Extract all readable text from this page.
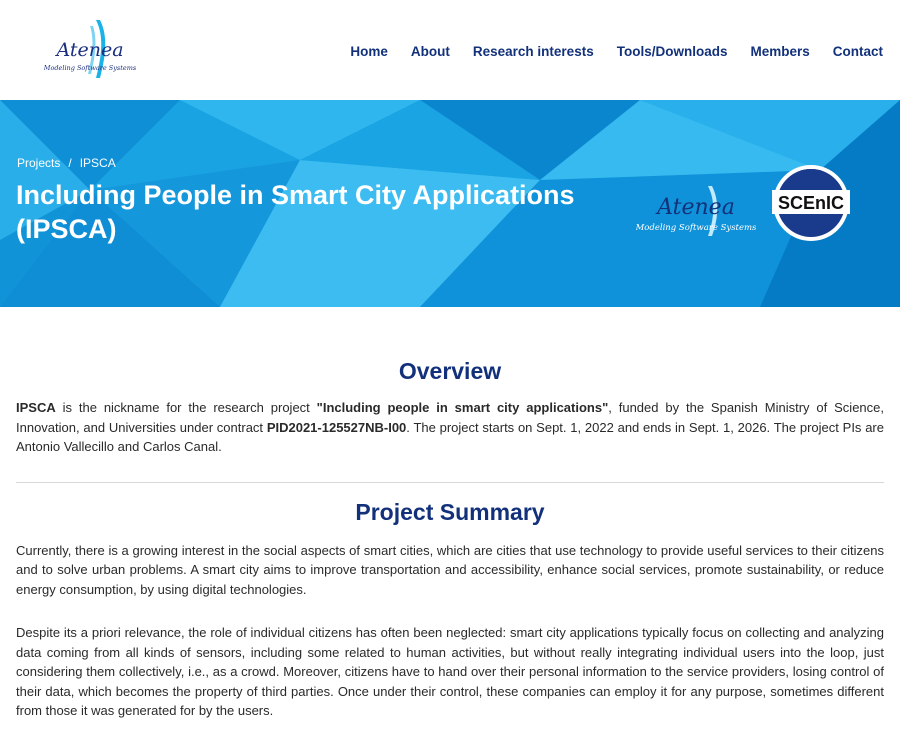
Atenea
Modeling Software Systems
Home About Research interests Tools/Downloads Members Contact
Projects / IPSCA
Including People in Smart City Applications (IPSCA)
Atenea
Modeling Software Systems
SCEnIC
Overview

IPSCA is the nickname for the research project "Including people in smart city applications", funded by the Spanish Ministry of Science, Innovation, and Universities under contract PID2021-125527NB-I00. The project starts on Sept. 1, 2022 and ends in Sept. 1, 2026. The project PIs are Antonio Vallecillo and Carlos Canal.

Project Summary

Currently, there is a growing interest in the social aspects of smart cities, which are cities that use technology to provide useful services to their citizens and to solve urban problems. A smart city aims to improve transportation and accessibility, enhance social services, promote sustainability, or reduce energy consumption, by using digital technologies.

Despite its a priori relevance, the role of individual citizens has often been neglected: smart city applications typically focus on collecting and analyzing data coming from all kinds of sensors, including some related to human activities, but without really integrating individual users into the loop, just considering them collectively, i.e., as a crowd. Moreover, citizens have to hand over their personal information to the service providers, losing control of their data, which becomes the property of third parties. Once under their control, these companies can employ it for any purpose, sometimes different from those it was generated for by the users.
